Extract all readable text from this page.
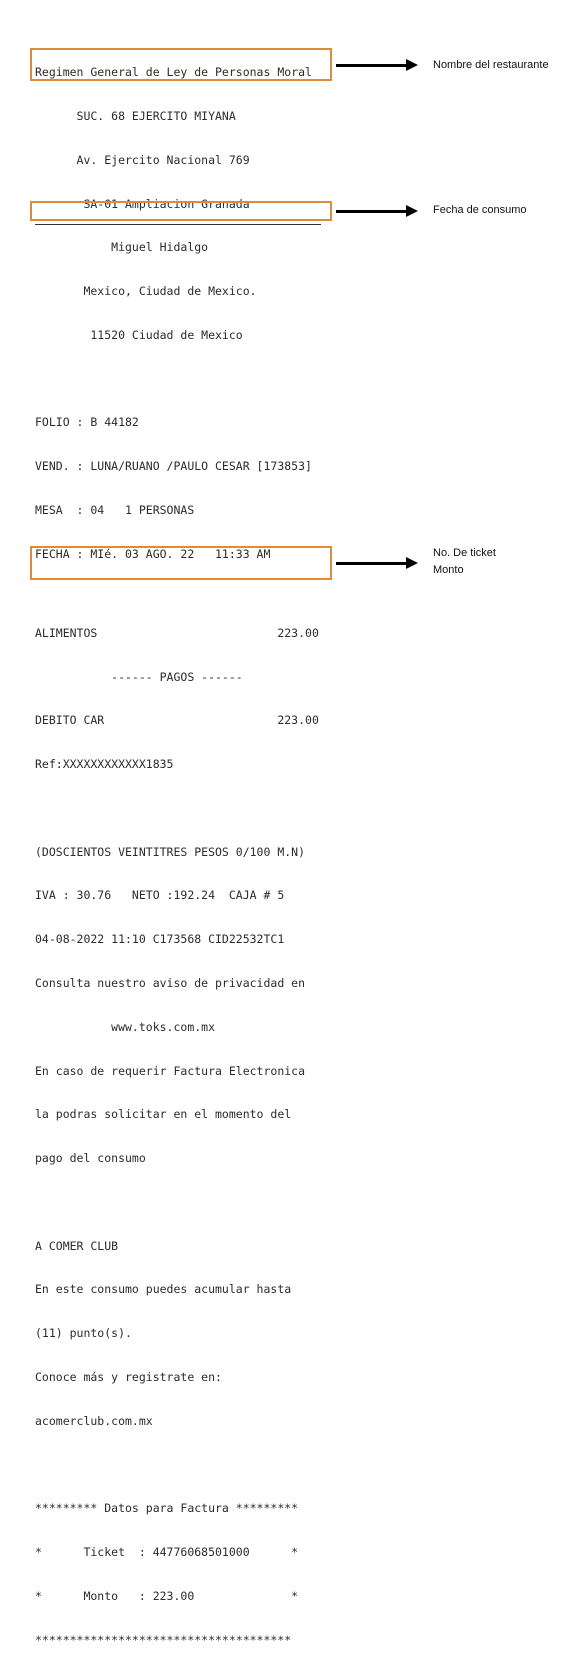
Regimen General de Ley de Personas Moral

SUC. 68 EJERCITO MIYANA

Av. Ejercito Nacional 769

SA-01 Ampliacion Granada

Miguel Hidalgo

Mexico, Ciudad de Mexico.

11520 Ciudad de Mexico

FOLIO : B 44182

VEND. : LUNA/RUANO /PAULO CESAR [173853]

MESA  : 04   1 PERSONAS

FECHA : MIé. 03 AGO. 22   11:33 AM

ALIMENTOS                          223.00

------ PAGOS ------

DEBITO CAR                         223.00

Ref:XXXXXXXXXXXX1835

(DOSCIENTOS VEINTITRES PESOS 0/100 M.N)

IVA : 30.76   NETO :192.24  CAJA # 5

04-08-2022 11:10 C173568 CID22532TC1

Consulta nuestro aviso de privacidad en

www.toks.com.mx

En caso de requerir Factura Electronica

la podras solicitar en el momento del

pago del consumo

A COMER CLUB

En este consumo puedes acumular hasta

(11) punto(s).

Conoce más y registrate en:

acomerclub.com.mx

********* Datos para Factura *********

*      Ticket  : 44776068501000      *

*      Monto   : 223.00              *

*************************************

Nombre del restaurante
Fecha de consumo
No. De ticket
Monto
